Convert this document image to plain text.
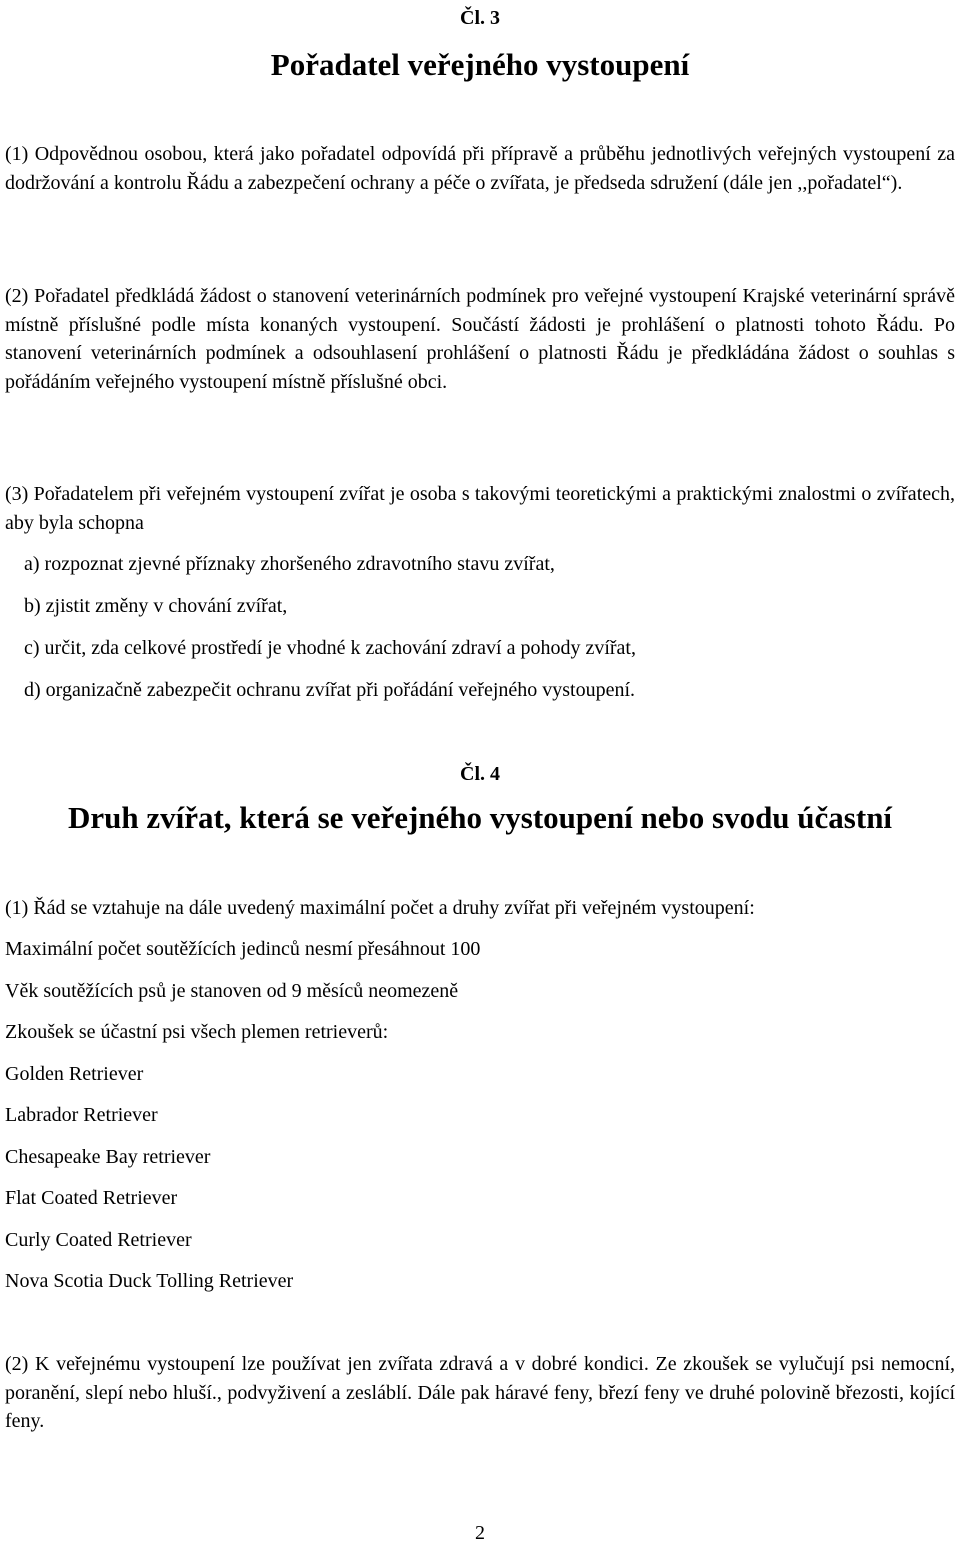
Čl. 3
Pořadatel veřejného vystoupení

(1) Odpovědnou osobou, která jako pořadatel odpovídá při přípravě a průběhu jednotlivých veřejných vystoupení za dodržování a kontrolu Řádu a zabezpečení ochrany a péče o zvířata, je předseda sdružení (dále jen ,,pořadatel“).

(2) Pořadatel předkládá žádost o stanovení veterinárních podmínek pro veřejné vystoupení Krajské veterinární správě místně příslušné podle místa konaných vystoupení. Součástí žádosti je prohlášení o platnosti tohoto Řádu. Po stanovení veterinárních podmínek a odsouhlasení prohlášení o platnosti Řádu je předkládána žádost o souhlas s pořádáním veřejného vystoupení místně příslušné obci.

(3) Pořadatelem při veřejném vystoupení zvířat je osoba s takovými teoretickými a praktickými znalostmi o zvířatech, aby byla schopna

a) rozpoznat zjevné příznaky zhoršeného zdravotního stavu zvířat,

b) zjistit změny v chování zvířat,

c) určit, zda celkové prostředí je vhodné k zachování zdraví a pohody zvířat,

d) organizačně zabezpečit ochranu zvířat při pořádání veřejného vystoupení.

Čl. 4
Druh zvířat, která se veřejného vystoupení nebo svodu účastní

(1) Řád se vztahuje na dále uvedený maximální počet a druhy zvířat při veřejném vystoupení:

Maximální počet soutěžících jedinců nesmí přesáhnout 100

Věk soutěžících psů je stanoven od 9 měsíců neomezeně

Zkoušek se účastní psi všech plemen retrieverů:

Golden Retriever

Labrador Retriever

Chesapeake Bay retriever

Flat Coated Retriever

Curly Coated Retriever

Nova Scotia Duck Tolling Retriever

(2) K veřejnému vystoupení lze používat jen zvířata zdravá a v dobré kondici. Ze zkoušek se vylučují psi nemocní, poranění, slepí nebo hluší., podvyživení a zesláblí. Dále pak háravé feny, březí feny ve druhé polovině březosti, kojící feny.

2
